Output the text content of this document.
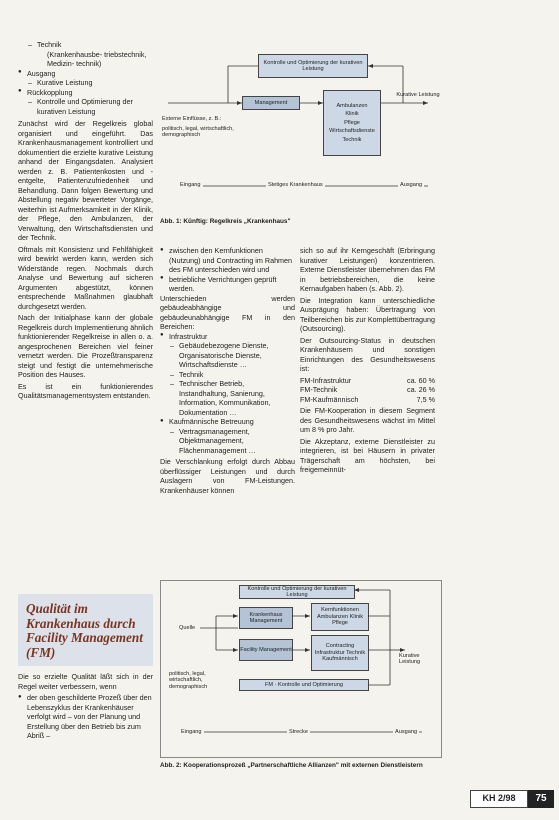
– Technik
(Krankenhausbe- triebstechnik, Medizin- technik)
● Ausgang
– Kurative Leistung
● Rückkopplung
– Kontrolle und Optimierung der kurativen Leistung

Zunächst wird der Regelkreis global organisiert und eingeführt. Das Krankenhausmanagement kontrolliert und dokumentiert die erzielte kurative Leistung anhand der Eingangsdaten. Analysiert werden z. B. Patientenkosten und -entgelte, Patientenzufriedenheit und Behandlung. Dann folgen Bewertung und Abstellung negativ bewerteter Vorgänge, weiterhin ist Aufmerksamkeit in der Klinik, der Pflege, den Ambulanzen, der Verwaltung, den Wirtschaftsdiensten und der Technik.

Oftmals mit Konsistenz und Fehlfähigkeit wird bewirkt werden kann, werden sich Widerstände regen. Nochmals durch Analyse und Bewertung auf sicheren Argumenten abgestützt, können entsprechende Maßnahmen glaubhaft durchgesetzt werden.

Nach der Initialphase kann der globale Regelkreis durch Implementierung ähnlich funktionierender Regelkreise in allen o. a. angesprochenen Bereichen viel feiner vernetzt werden. Die Prozeßtransparenz steigt und festigt die unternehmerische Position des Hauses.

Es ist ein funktionierendes Qualitätsmanagementsystem entstanden.

Qualität im Krankenhaus durch Facility Management (FM)

Die so erzielte Qualität läßt sich in der Regel weiter verbessern, wenn

● der oben geschilderte Prozeß über den Lebenszyklus der Krankenhäuser verfolgt wird – von der Planung und Erstellung über den Betrieb bis zum Abriß –
Kontrolle und Optimierung der kurativen Leistung
Management
Externe Einflüsse, z. B.:
politisch, legal, wirtschaftlich, demographisch
Ambulanzen
Klinik
Pflege
Wirtschaftsdienste
Technik
Kurative Leistung
Eingang	Stetiges Krankenhaus	Ausgang
Abb. 1: Künftig: Regelkreis „Krankenhaus"
● zwischen den Kernfunktionen (Nutzung) und Contracting im Rahmen des FM unterschieden wird und
● betriebliche Verrichtungen geprüft werden.
Unterschieden werden gebäudeabhängige und gebäudeunabhängige FM in den Bereichen:
● Infrastruktur
– Gebäudebezogene Dienste, Organisatorische Dienste, Wirtschaftsdienste …
– Technik
– Technischer Betrieb, Instandhaltung, Sanierung, Information, Kommunikation, Dokumentation …
● Kaufmännische Betreuung
– Vertragsmanagement, Objektmanagement, Flächenmanagement …

Die Verschlankung erfolgt durch Abbau überflüssiger Leistungen und durch Auslagern von FM-Leistungen. Krankenhäuser können

sich so auf ihr Kerngeschäft (Erbringung kurativer Leistungen) konzentrieren. Externe Dienstleister übernehmen das FM in betriebsbereichen, die keine Kernaufgaben haben (s. Abb. 2).

Die Integration kann unterschiedliche Ausprägung haben: Übertragung von Teilbereichen bis zur Komplettübertragung (Outsourcing).

Der Outsourcing-Status in deutschen Krankenhäusern und sonstigen Einrichtungen des Gesundheitswesens ist:

FM-Infrastruktur	ca. 60 %
FM-Technik	ca. 26 %
FM-Kaufmännisch	7,5 %

Die FM-Kooperation in diesem Segment des Gesundheitswesens wächst im Mittel um 8 % pro Jahr.

Die Akzeptanz, externe Dienstleister zu integrieren, ist bei Häusern in privater Trägerschaft am höchsten, bei freigemeinnüt-

Kontrolle und Optimierung der kurativen Leistung
Quelle
Krankenhaus Management
Facility Management
Kernfunktionen Ambulanzen Klinik Pflege
Contracting Infrastruktur Technik Kaufmännisch
FM · Kontrolle und Optimierung
politisch, legal, wirtschaftlich, demographisch
Kurative Leistung
Eingang	Strecke	Ausgang
Abb. 2: Kooperationsprozeß „Partnerschaftliche Allianzen" mit externen Dienstleistern
KH 2/98	75
